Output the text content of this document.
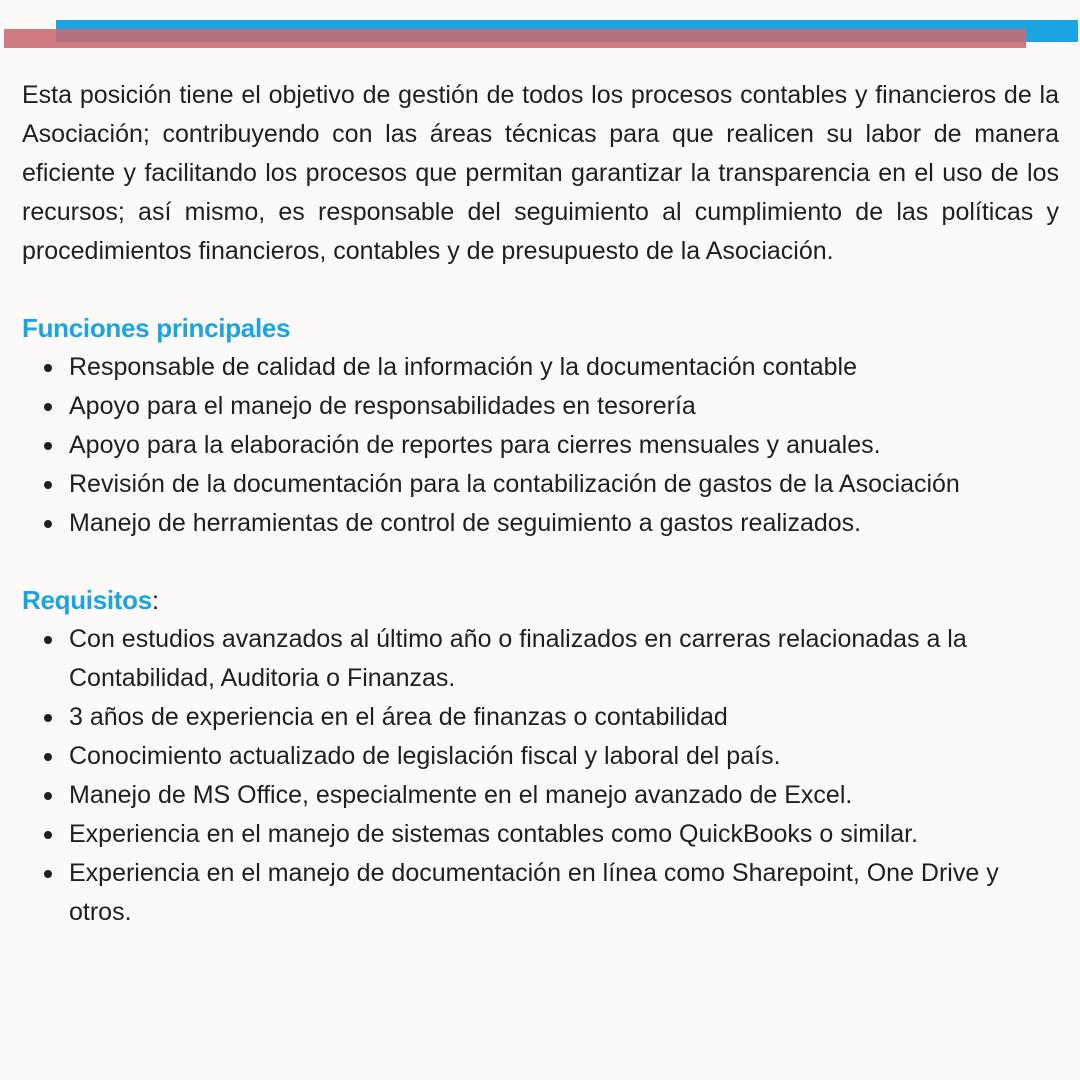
Esta posición tiene el objetivo de gestión de todos los procesos contables y financieros de la Asociación; contribuyendo con las áreas técnicas para que realicen su labor de manera eficiente y facilitando los procesos que permitan garantizar la transparencia en el uso de los recursos; así mismo, es responsable del seguimiento al cumplimiento de las políticas y procedimientos financieros, contables y de presupuesto de la Asociación.

Funciones principales
Responsable de calidad de la información y la documentación contable
Apoyo para el manejo de responsabilidades en tesorería
Apoyo para la elaboración de reportes para cierres mensuales y anuales.
Revisión de la documentación para la contabilización de gastos de la Asociación
Manejo de herramientas de control de seguimiento a gastos realizados.
Requisitos:
Con estudios avanzados al último año o finalizados en carreras relacionadas a la Contabilidad, Auditoria o Finanzas.
3 años de experiencia en el área de finanzas o contabilidad
Conocimiento actualizado de legislación fiscal y laboral del país.
Manejo de MS Office, especialmente en el manejo avanzado de Excel.
Experiencia en el manejo de sistemas contables como QuickBooks o similar.
Experiencia en el manejo de documentación en línea como Sharepoint, One Drive y otros.
